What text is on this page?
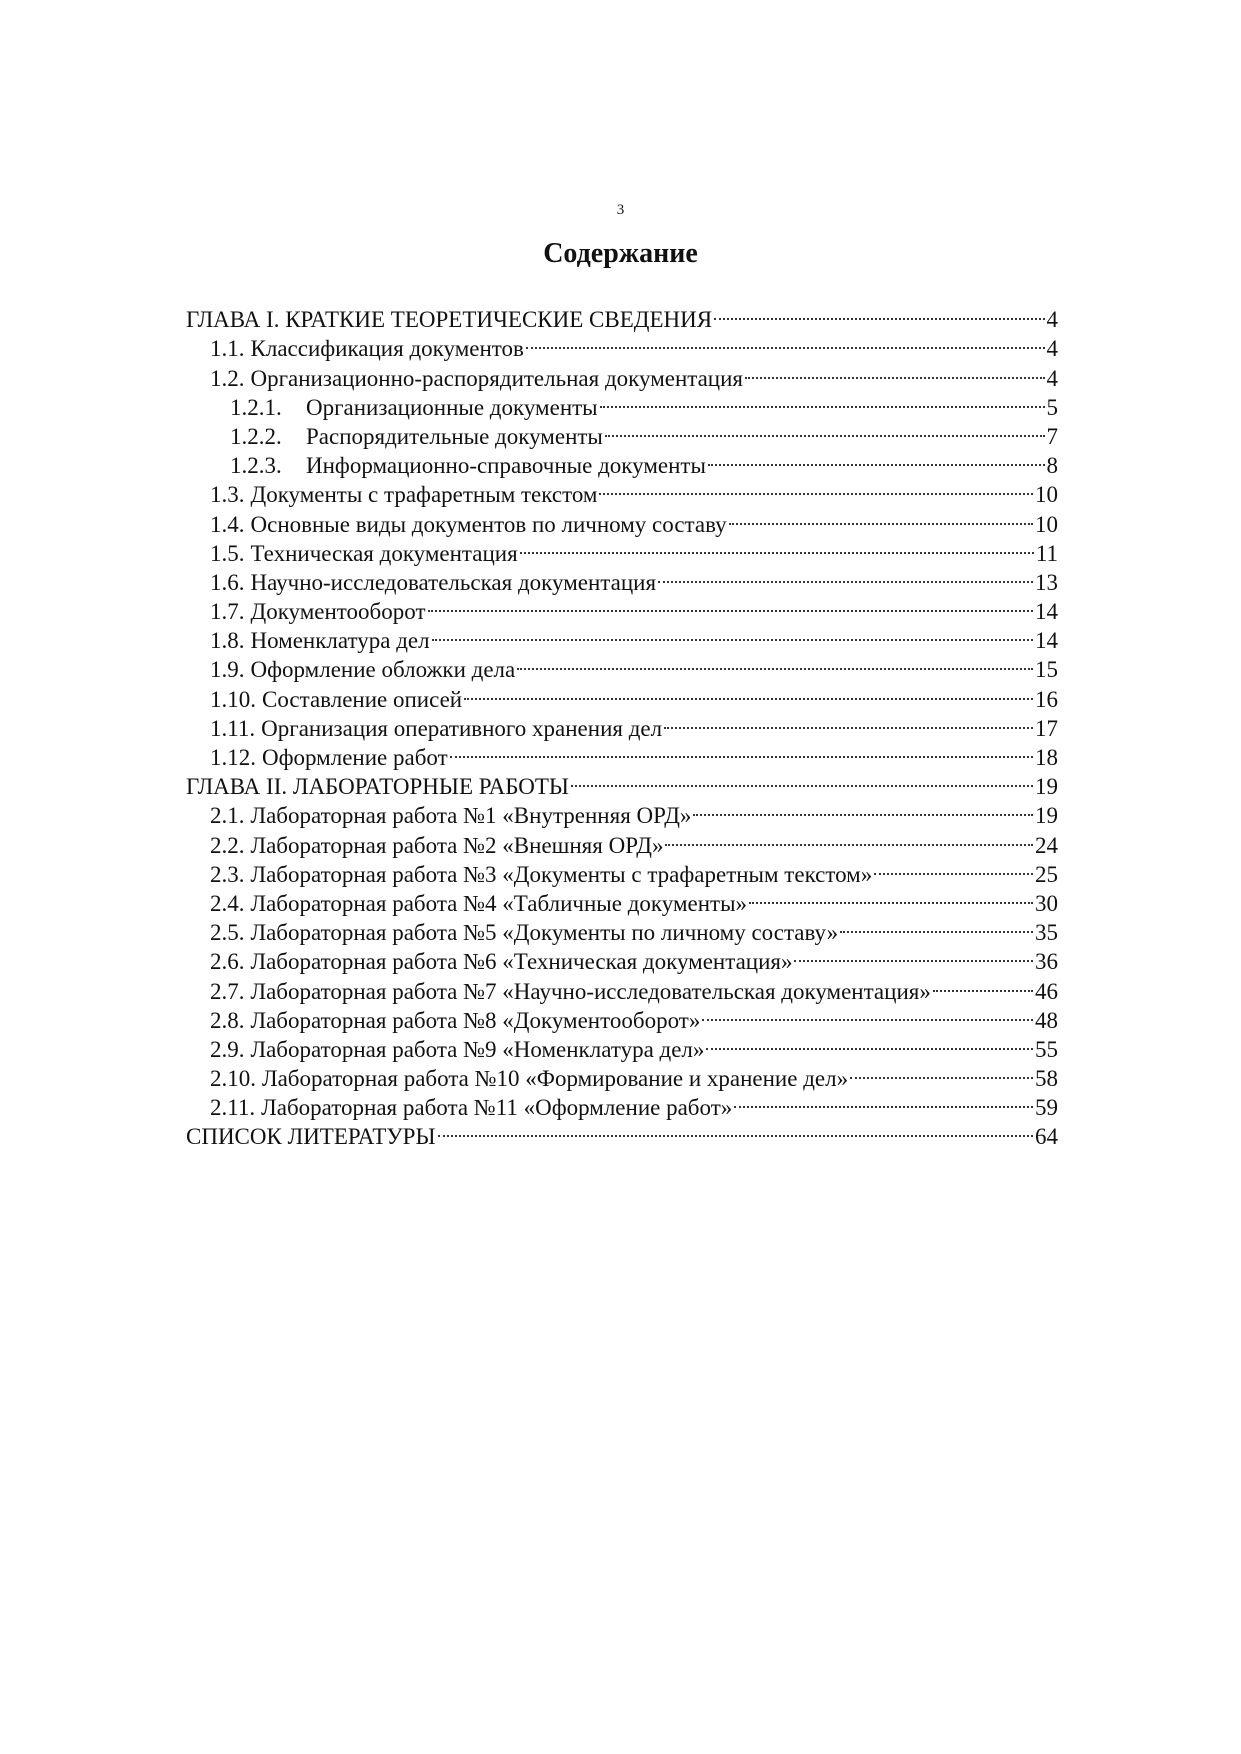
3
Содержание
ГЛАВА I. КРАТКИЕ ТЕОРЕТИЧЕСКИЕ СВЕДЕНИЯ	4
1.1. Классификация документов	4
1.2. Организационно-распорядительная документация	4
1.2.1.	Организационные документы	5
1.2.2.	Распорядительные документы	7
1.2.3.	Информационно-справочные документы	8
1.3. Документы с трафаретным текстом	10
1.4. Основные виды документов по личному составу	10
1.5. Техническая документация	11
1.6. Научно-исследовательская документация	13
1.7. Документооборот	14
1.8. Номенклатура дел	14
1.9. Оформление обложки дела	15
1.10. Составление описей	16
1.11. Организация оперативного хранения дел	17
1.12. Оформление работ	18
ГЛАВА II. ЛАБОРАТОРНЫЕ РАБОТЫ	19
2.1. Лабораторная работа №1 «Внутренняя ОРД»	19
2.2. Лабораторная работа №2 «Внешняя ОРД»	24
2.3. Лабораторная работа №3 «Документы с трафаретным текстом»	25
2.4. Лабораторная работа №4 «Табличные документы»	30
2.5. Лабораторная работа №5 «Документы по личному составу»	35
2.6. Лабораторная работа №6 «Техническая документация»	36
2.7. Лабораторная работа №7 «Научно-исследовательская документация»	46
2.8. Лабораторная работа №8 «Документооборот»	48
2.9. Лабораторная работа №9 «Номенклатура дел»	55
2.10. Лабораторная работа №10 «Формирование и хранение дел»	58
2.11. Лабораторная работа №11 «Оформление работ»	59
СПИСОК ЛИТЕРАТУРЫ	64
